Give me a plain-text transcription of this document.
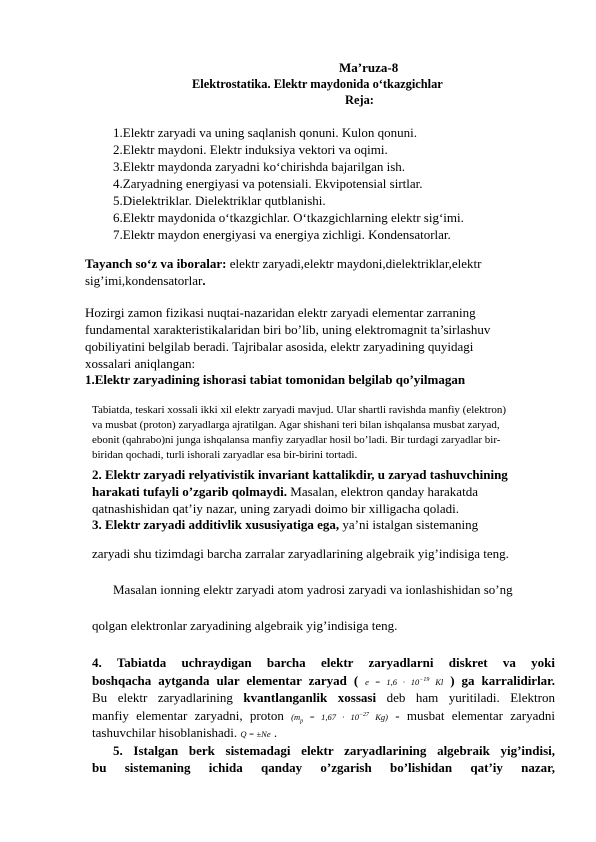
Ma’ruza-8
Elektrostatika. Elektr maydonida o‘tkazgichlar
Reja:
1.Elektr zaryadi va uning saqlanish qonuni. Kulon qonuni.
2.Elektr maydoni. Elektr induksiya vektori va oqimi.
3.Elektr maydonda zaryadni ko‘chirishda bajarilgan ish.
4.Zaryadning energiyasi va potensiali. Ekvipotensial sirtlar.
5.Dielektriklar. Dielektriklar qutblanishi.
6.Elektr maydonida o‘tkazgichlar. O‘tkazgichlarning elektr sig‘imi.
7.Elektr maydon energiyasi va energiya zichligi. Kondensatorlar.
Tayanch so‘z va iboralar: elektr zaryadi,elektr maydoni,dielektriklar,elektr
sig’imi,kondensatorlar.
Hozirgi zamon fizikasi nuqtai-nazaridan elektr zaryadi elementar zarraning
fundamental xarakteristikalaridan biri bo’lib, uning elektromagnit ta’sirlashuv
qobiliyatini belgilab beradi. Tajribalar asosida, elektr zaryadining quyidagi
xossalari aniqlangan:
1.Elektr zaryadining ishorasi tabiat tomonidan belgilab qo’yilmagan
Tabiatda, teskari xossali ikki xil elektr zaryadi mavjud. Ular shartli ravishda manfiy (elektron)
va musbat (proton) zaryadlarga ajratilgan. Agar shishani teri bilan ishqalansa musbat zaryad,
ebonit (qahrabo)ni junga ishqalansa manfiy zaryadlar hosil bo’ladi. Bir turdagi zaryadlar bir-
biridan qochadi, turli ishorali zaryadlar esa bir-birini tortadi.
2. Elektr zaryadi relyativistik invariant kattalikdir, u zaryad tashuvchining
harakati tufayli o’zgarib qolmaydi. Masalan, elektron qanday harakatda
qatnashishidan qat’iy nazar, uning zaryadi doimo bir xilligacha qoladi.
3. Elektr zaryadi additivlik xususiyatiga ega, ya’ni istalgan sistemaning
zaryadi shu tizimdagi barcha zarralar zaryadlarining algebraik yig’indisiga teng.
Masalan ionning elektr zaryadi atom yadrosi zaryadi va ionlashishidan so’ng
qolgan elektronlar zaryadining algebraik yig’indisiga teng.
4. Tabiatda uchraydigan barcha elektr zaryadlarni diskret va yoki
boshqacha aytganda ular elementar zaryad ( $e = 1,6 \cdot 10^{-19}$ Kl ) ga karralidirlar.
Bu elektr zaryadlarining kvantlanganlik xossasi deb ham yuritiladi. Elektron
manfiy elementar zaryadni, proton ($m_p = 1,67 \cdot 10^{-27}$ Kg) - musbat elementar zaryadni
tashuvchilar hisoblanishadi. Q = ±Ne .
5. Istalgan berk sistemadagi elektr zaryadlarining algebraik yig’indisi,
bu sistemaning ichida qanday o’zgarish bo’lishidan qat’iy nazar,
